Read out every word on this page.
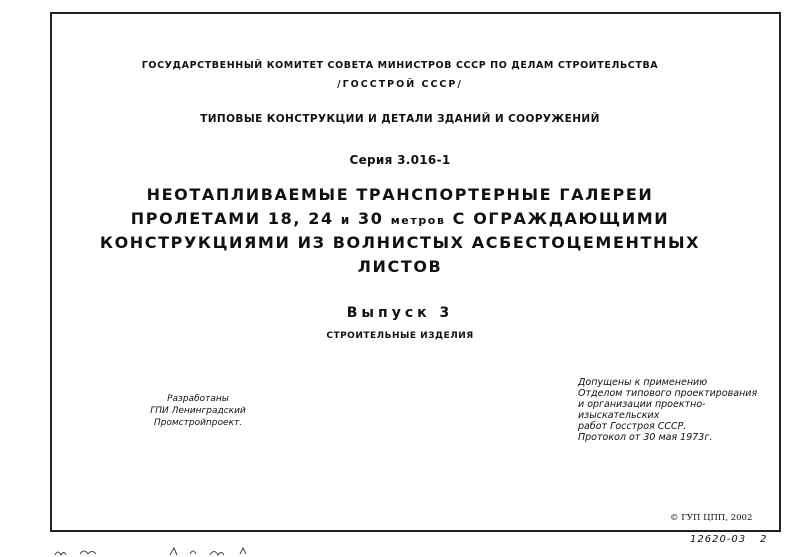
ГОСУДАРСТВЕННЫЙ КОМИТЕТ СОВЕТА МИНИСТРОВ СССР ПО ДЕЛАМ СТРОИТЕЛЬСТВА
/ГОССТРОЙ СССР/
ТИПОВЫЕ КОНСТРУКЦИИ И ДЕТАЛИ ЗДАНИЙ И СООРУЖЕНИЙ
Серия 3.016-1
НЕОТАПЛИВАЕМЫЕ ТРАНСПОРТЕРНЫЕ ГАЛЕРЕИ
ПРОЛЕТАМИ 18, 24 и 30 метров С ОГРАЖДАЮЩИМИ
КОНСТРУКЦИЯМИ ИЗ ВОЛНИСТЫХ АСБЕСТОЦЕМЕНТНЫХ
ЛИСТОВ
Выпуск 3
СТРОИТЕЛЬНЫЕ ИЗДЕЛИЯ
Разработаны
ГПИ Ленинградский Промстройпроект.
Допущены к применению
Отделом типового проектирования
и организации проектно-изыскательских
работ Госстроя СССР.
Протокол от 30 мая 1973г.
© ГУП ЦПП, 2002
12620-03 2
